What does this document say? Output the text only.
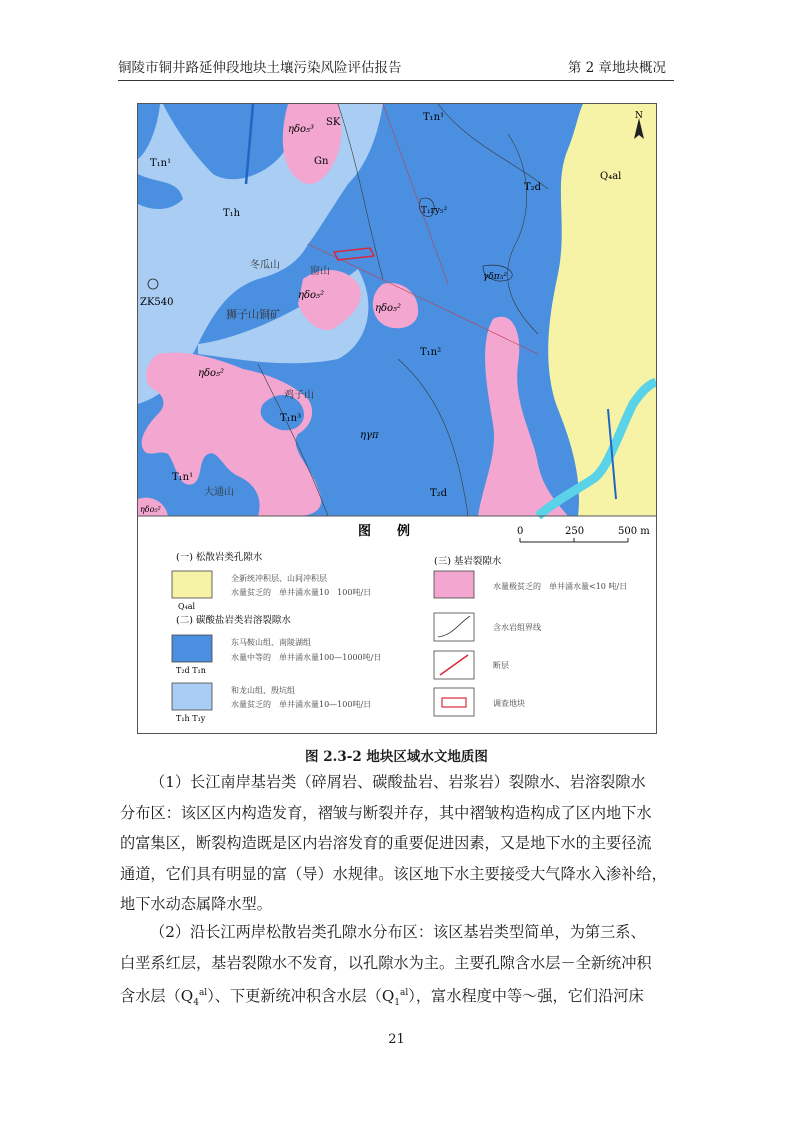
铜陵市铜井路延伸段地块土壤污染风险评估报告	第 2 章地块概况
N
T₁n¹
T₁h
ηδo₅³
SK
Gn
T₁n¹
T₁ry₅²
T₂d
Q₄al
冬瓜山
窗山
ηδo₅²
ηδo₅²
ZK540
狮子山铜矿
γδπ₅²
T₁n²
ηδo₅²
鸡子山
T₁n³
ηγπ
T₁n¹
大通山	T₂d
ηδo₅²
图　　例	0	250	500 m
(一) 松散岩类孔隙水
Q₄al
全新统冲积层、山间冲积层
水量贫乏的　单井涌水量10　100吨/日
(二) 碳酸盐岩类岩溶裂隙水
T₂d T₁n
东马鞍山组、南陵湖组
水量中等的　单井涌水量100—1000吨/日
T₁h T₁y
和龙山组、殷坑组
水量贫乏的　单井涌水量10—100吨/日
(三) 基岩裂隙水
水量极贫乏的　单井涌水量<10 吨/日
含水岩组界线
断层
调查地块
图 2.3-2 地块区域水文地质图
（1）长江南岸基岩类（碎屑岩、碳酸盐岩、岩浆岩）裂隙水、岩溶裂隙水
分布区：该区区内构造发育，褶皱与断裂并存，其中褶皱构造构成了区内地下水
的富集区，断裂构造既是区内岩溶发育的重要促进因素，又是地下水的主要径流
通道，它们具有明显的富（导）水规律。该区地下水主要接受大气降水入渗补给，
地下水动态属降水型。
（2）沿长江两岸松散岩类孔隙水分布区：该区基岩类型简单，为第三系、
白垩系红层，基岩裂隙水不发育，以孔隙水为主。主要孔隙含水层－全新统冲积
含水层$(Q_4^{al})$、下更新统冲积含水层$(Q_1^{al})$，富水程度中等～强，它们沿河床
21
